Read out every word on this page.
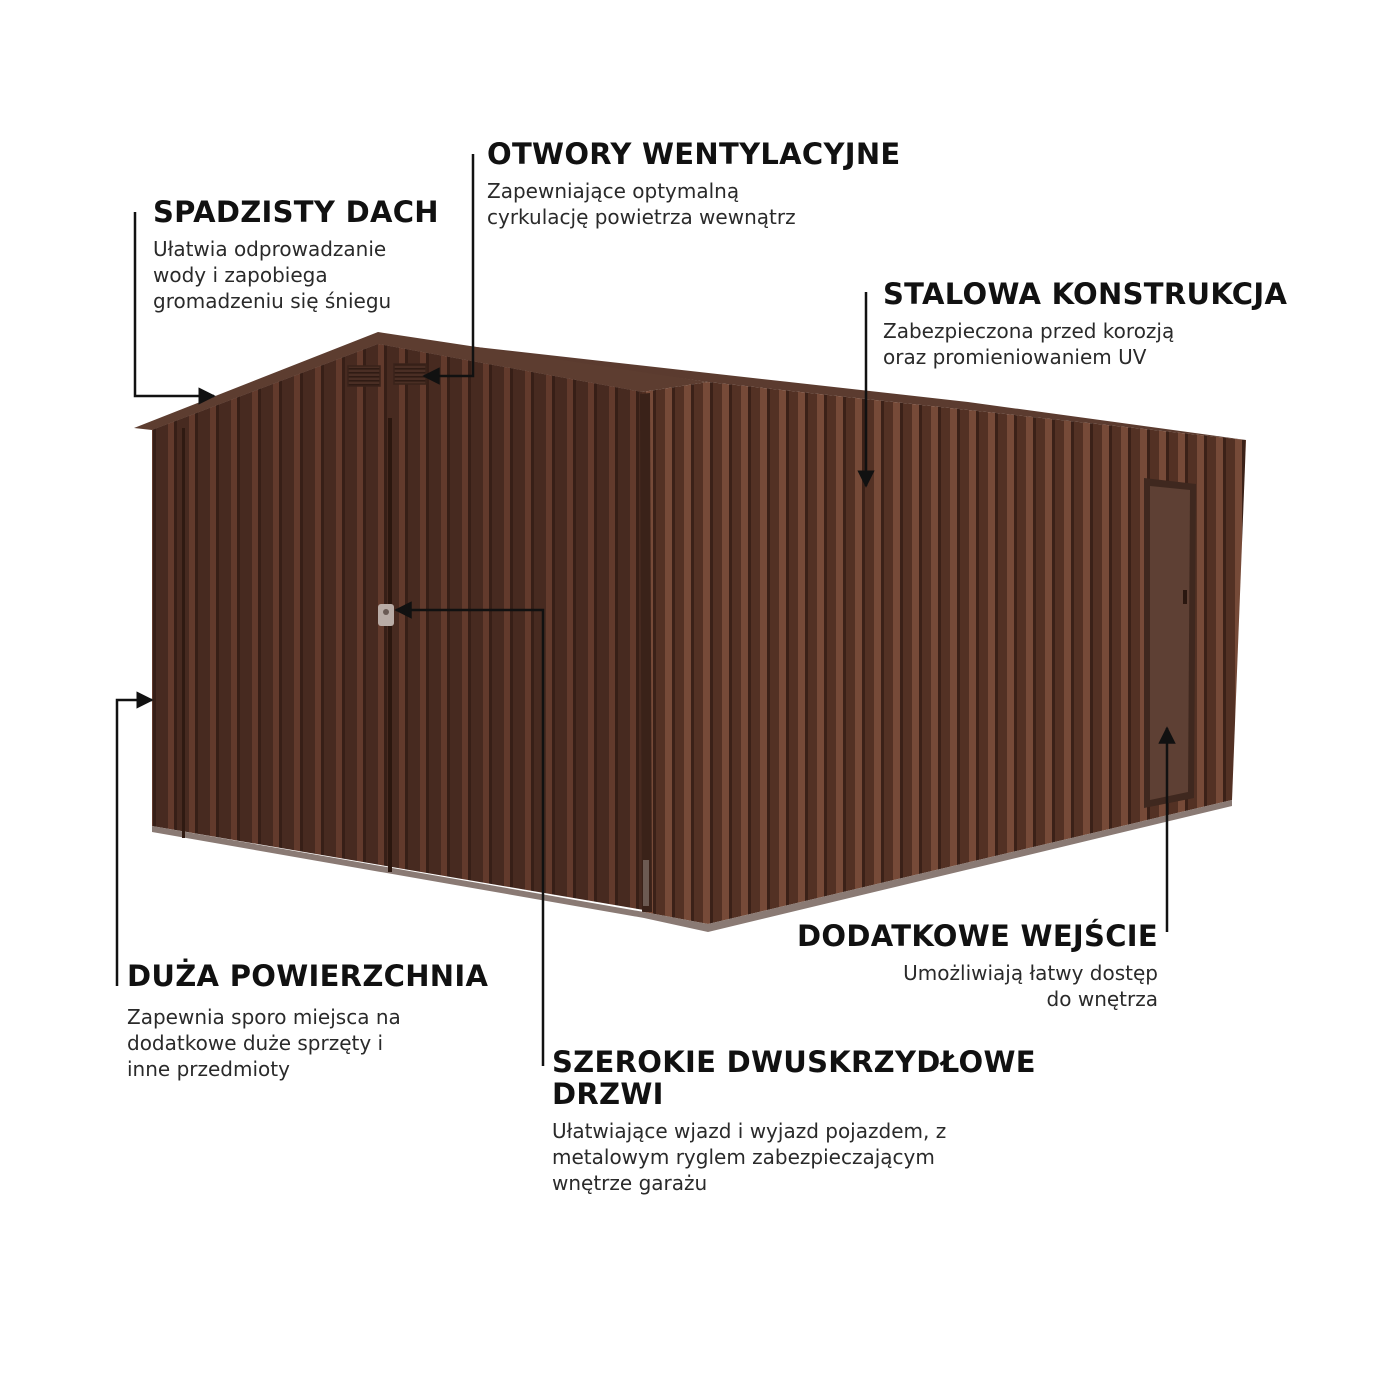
SPADZISTY DACH

Ułatwia odprowadzanie

wody i zapobiega

gromadzeniu się śniegu

OTWORY WENTYLACYJNE

Zapewniające optymalną

cyrkulację powietrza wewnątrz

STALOWA KONSTRUKCJA

Zabezpieczona przed korozją

oraz promieniowaniem UV

DUŻA POWIERZCHNIA

Zapewnia sporo miejsca na

dodatkowe duże sprzęty i

inne przedmioty	SZEROKIE DWUSKRZYDŁOWE
DRZWI

Ułatwiające wjazd i wyjazd pojazdem, z

metalowym ryglem zabezpieczającym

wnętrze garażu

DODATKOWE WEJŚCIE

Umożliwiają łatwy dostęp

do wnętrza
